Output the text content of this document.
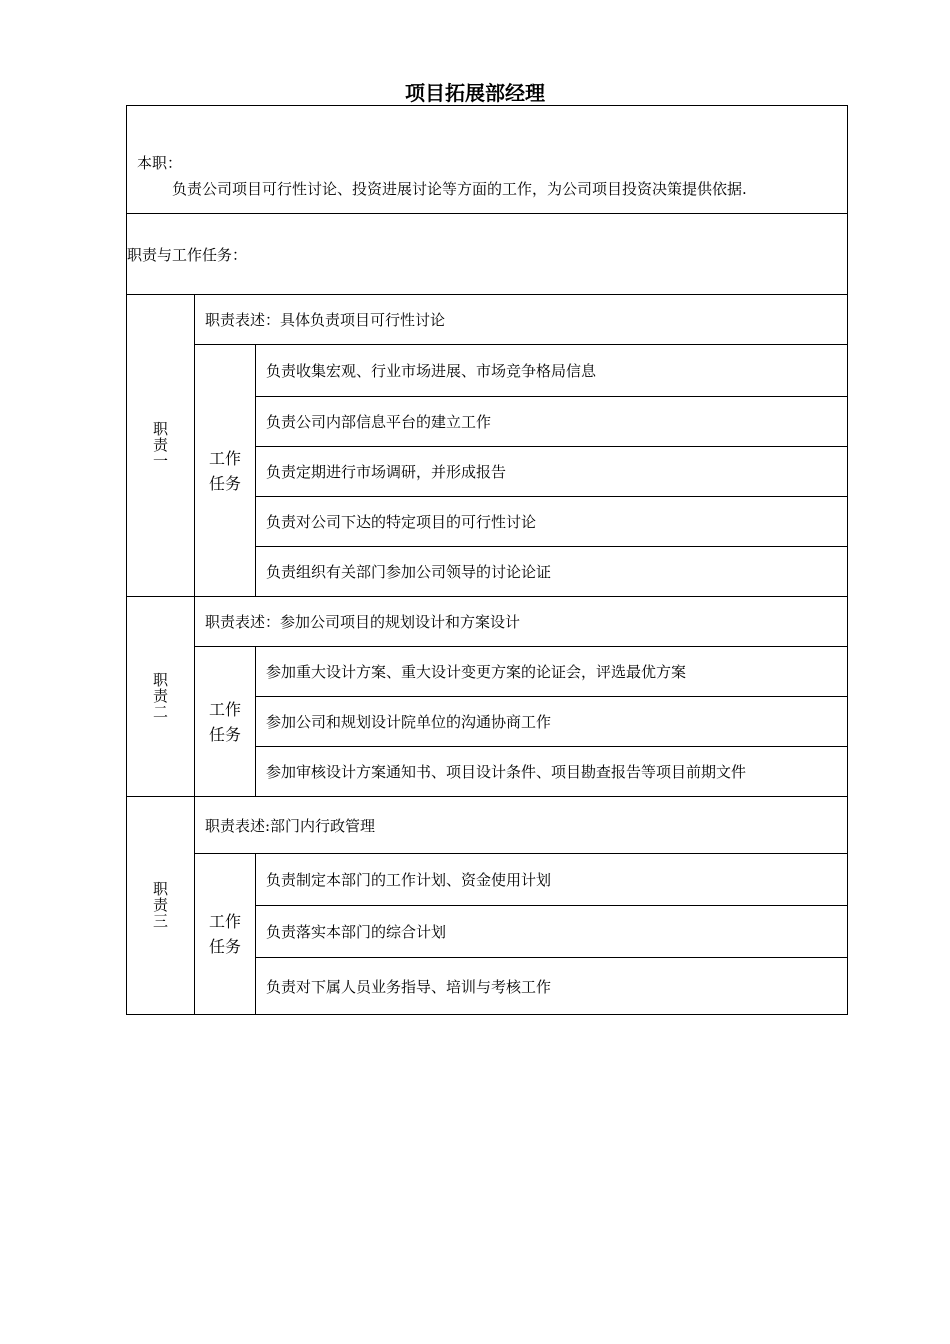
项目拓展部经理
本职：
负责公司项目可行性讨论、投资进展讨论等方面的工作，为公司项目投资决策提供依据.		

职责与工作任务：		
职责一	职责表述：具体负责项目可行性讨论	
	工作任务	负责收集宏观、行业市场进展、市场竞争格局信息
		负责公司内部信息平台的建立工作
		负责定期进行市场调研，并形成报告
		负责对公司下达的特定项目的可行性讨论
		负责组织有关部门参加公司领导的讨论论证
职责二	职责表述：参加公司项目的规划设计和方案设计	
	工作任务	参加重大设计方案、重大设计变更方案的论证会，评选最优方案
		参加公司和规划设计院单位的沟通协商工作
		参加审核设计方案通知书、项目设计条件、项目勘查报告等项目前期文件
职责三	职责表述:部门内行政管理	
	工作任务	负责制定本部门的工作计划、资金使用计划
		负责落实本部门的综合计划
		负责对下属人员业务指导、培训与考核工作
